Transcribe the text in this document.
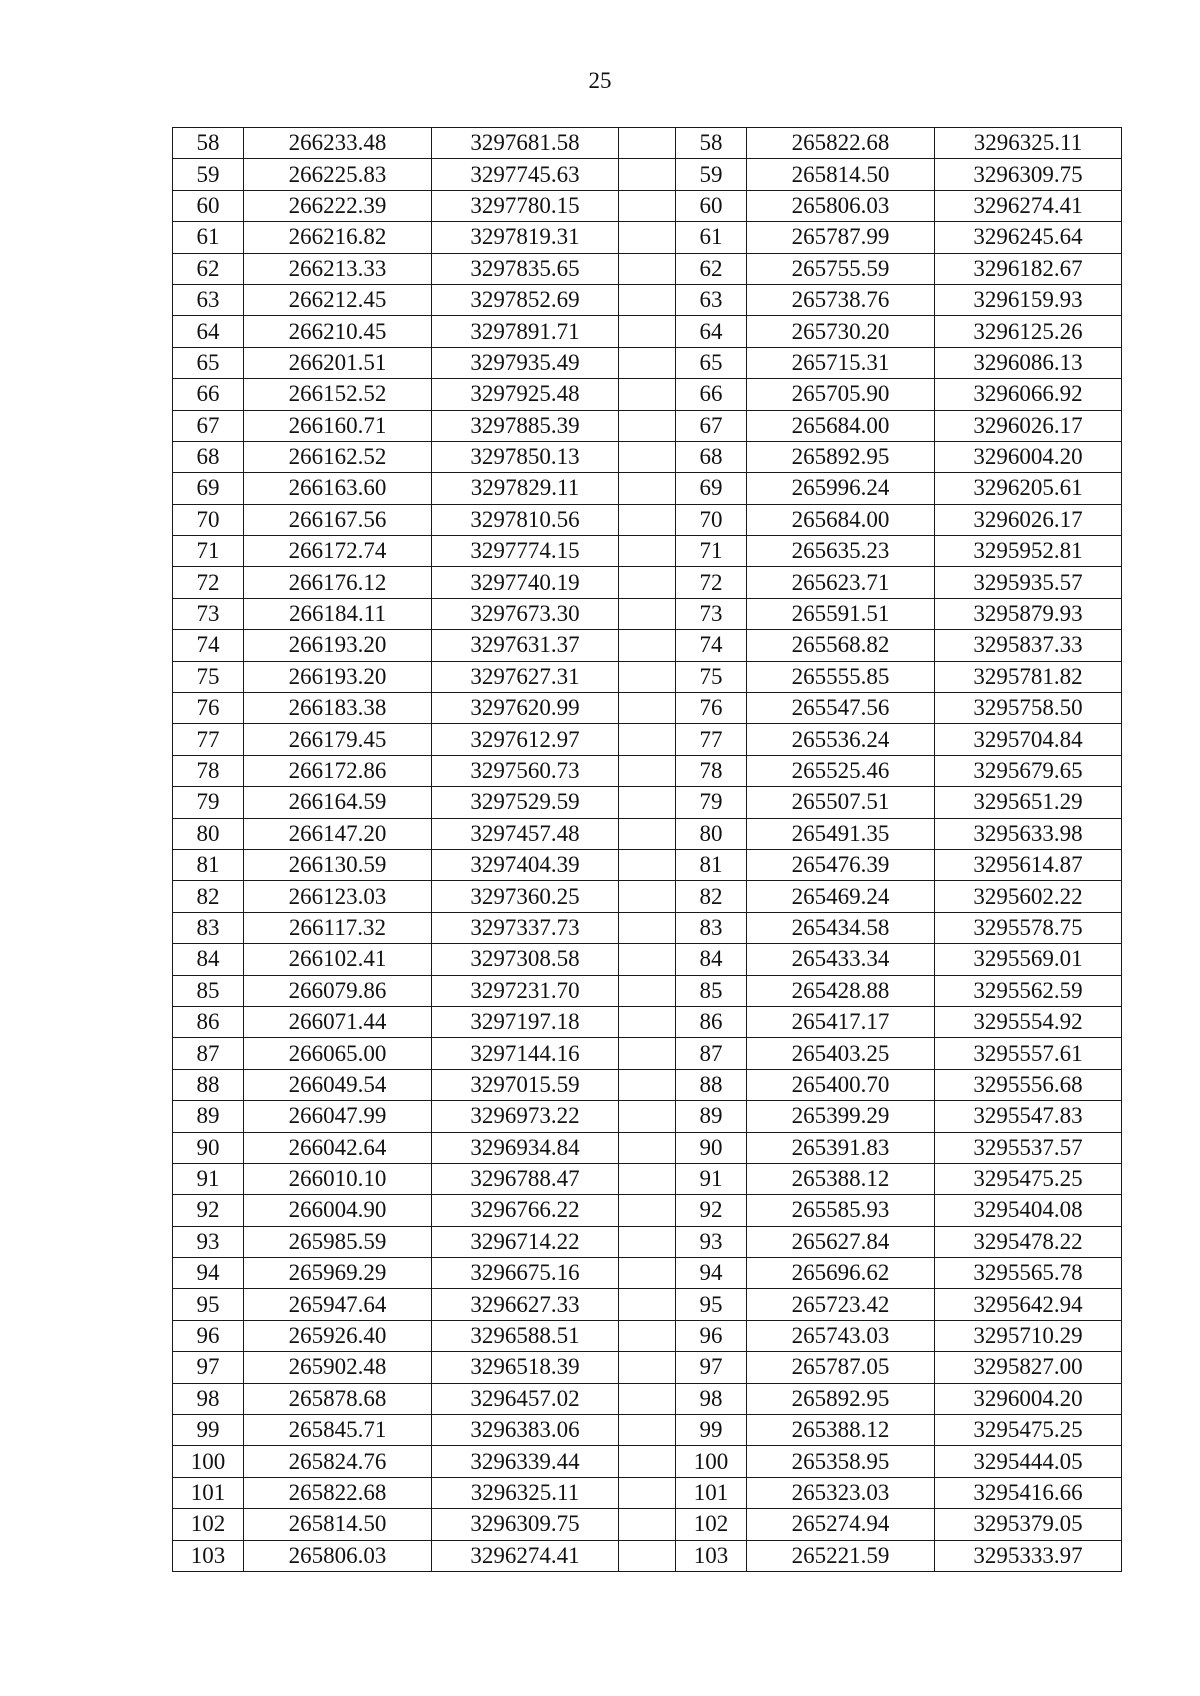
25
58	266233.48	3297681.58		58	265822.68	3296325.11
59	266225.83	3297745.63		59	265814.50	3296309.75
60	266222.39	3297780.15		60	265806.03	3296274.41
61	266216.82	3297819.31		61	265787.99	3296245.64
62	266213.33	3297835.65		62	265755.59	3296182.67
63	266212.45	3297852.69		63	265738.76	3296159.93
64	266210.45	3297891.71		64	265730.20	3296125.26
65	266201.51	3297935.49		65	265715.31	3296086.13
66	266152.52	3297925.48		66	265705.90	3296066.92
67	266160.71	3297885.39		67	265684.00	3296026.17
68	266162.52	3297850.13		68	265892.95	3296004.20
69	266163.60	3297829.11		69	265996.24	3296205.61
70	266167.56	3297810.56		70	265684.00	3296026.17
71	266172.74	3297774.15		71	265635.23	3295952.81
72	266176.12	3297740.19		72	265623.71	3295935.57
73	266184.11	3297673.30		73	265591.51	3295879.93
74	266193.20	3297631.37		74	265568.82	3295837.33
75	266193.20	3297627.31		75	265555.85	3295781.82
76	266183.38	3297620.99		76	265547.56	3295758.50
77	266179.45	3297612.97		77	265536.24	3295704.84
78	266172.86	3297560.73		78	265525.46	3295679.65
79	266164.59	3297529.59		79	265507.51	3295651.29
80	266147.20	3297457.48		80	265491.35	3295633.98
81	266130.59	3297404.39		81	265476.39	3295614.87
82	266123.03	3297360.25		82	265469.24	3295602.22
83	266117.32	3297337.73		83	265434.58	3295578.75
84	266102.41	3297308.58		84	265433.34	3295569.01
85	266079.86	3297231.70		85	265428.88	3295562.59
86	266071.44	3297197.18		86	265417.17	3295554.92
87	266065.00	3297144.16		87	265403.25	3295557.61
88	266049.54	3297015.59		88	265400.70	3295556.68
89	266047.99	3296973.22		89	265399.29	3295547.83
90	266042.64	3296934.84		90	265391.83	3295537.57
91	266010.10	3296788.47		91	265388.12	3295475.25
92	266004.90	3296766.22		92	265585.93	3295404.08
93	265985.59	3296714.22		93	265627.84	3295478.22
94	265969.29	3296675.16		94	265696.62	3295565.78
95	265947.64	3296627.33		95	265723.42	3295642.94
96	265926.40	3296588.51		96	265743.03	3295710.29
97	265902.48	3296518.39		97	265787.05	3295827.00
98	265878.68	3296457.02		98	265892.95	3296004.20
99	265845.71	3296383.06		99	265388.12	3295475.25
100	265824.76	3296339.44		100	265358.95	3295444.05
101	265822.68	3296325.11		101	265323.03	3295416.66
102	265814.50	3296309.75		102	265274.94	3295379.05
103	265806.03	3296274.41		103	265221.59	3295333.97
